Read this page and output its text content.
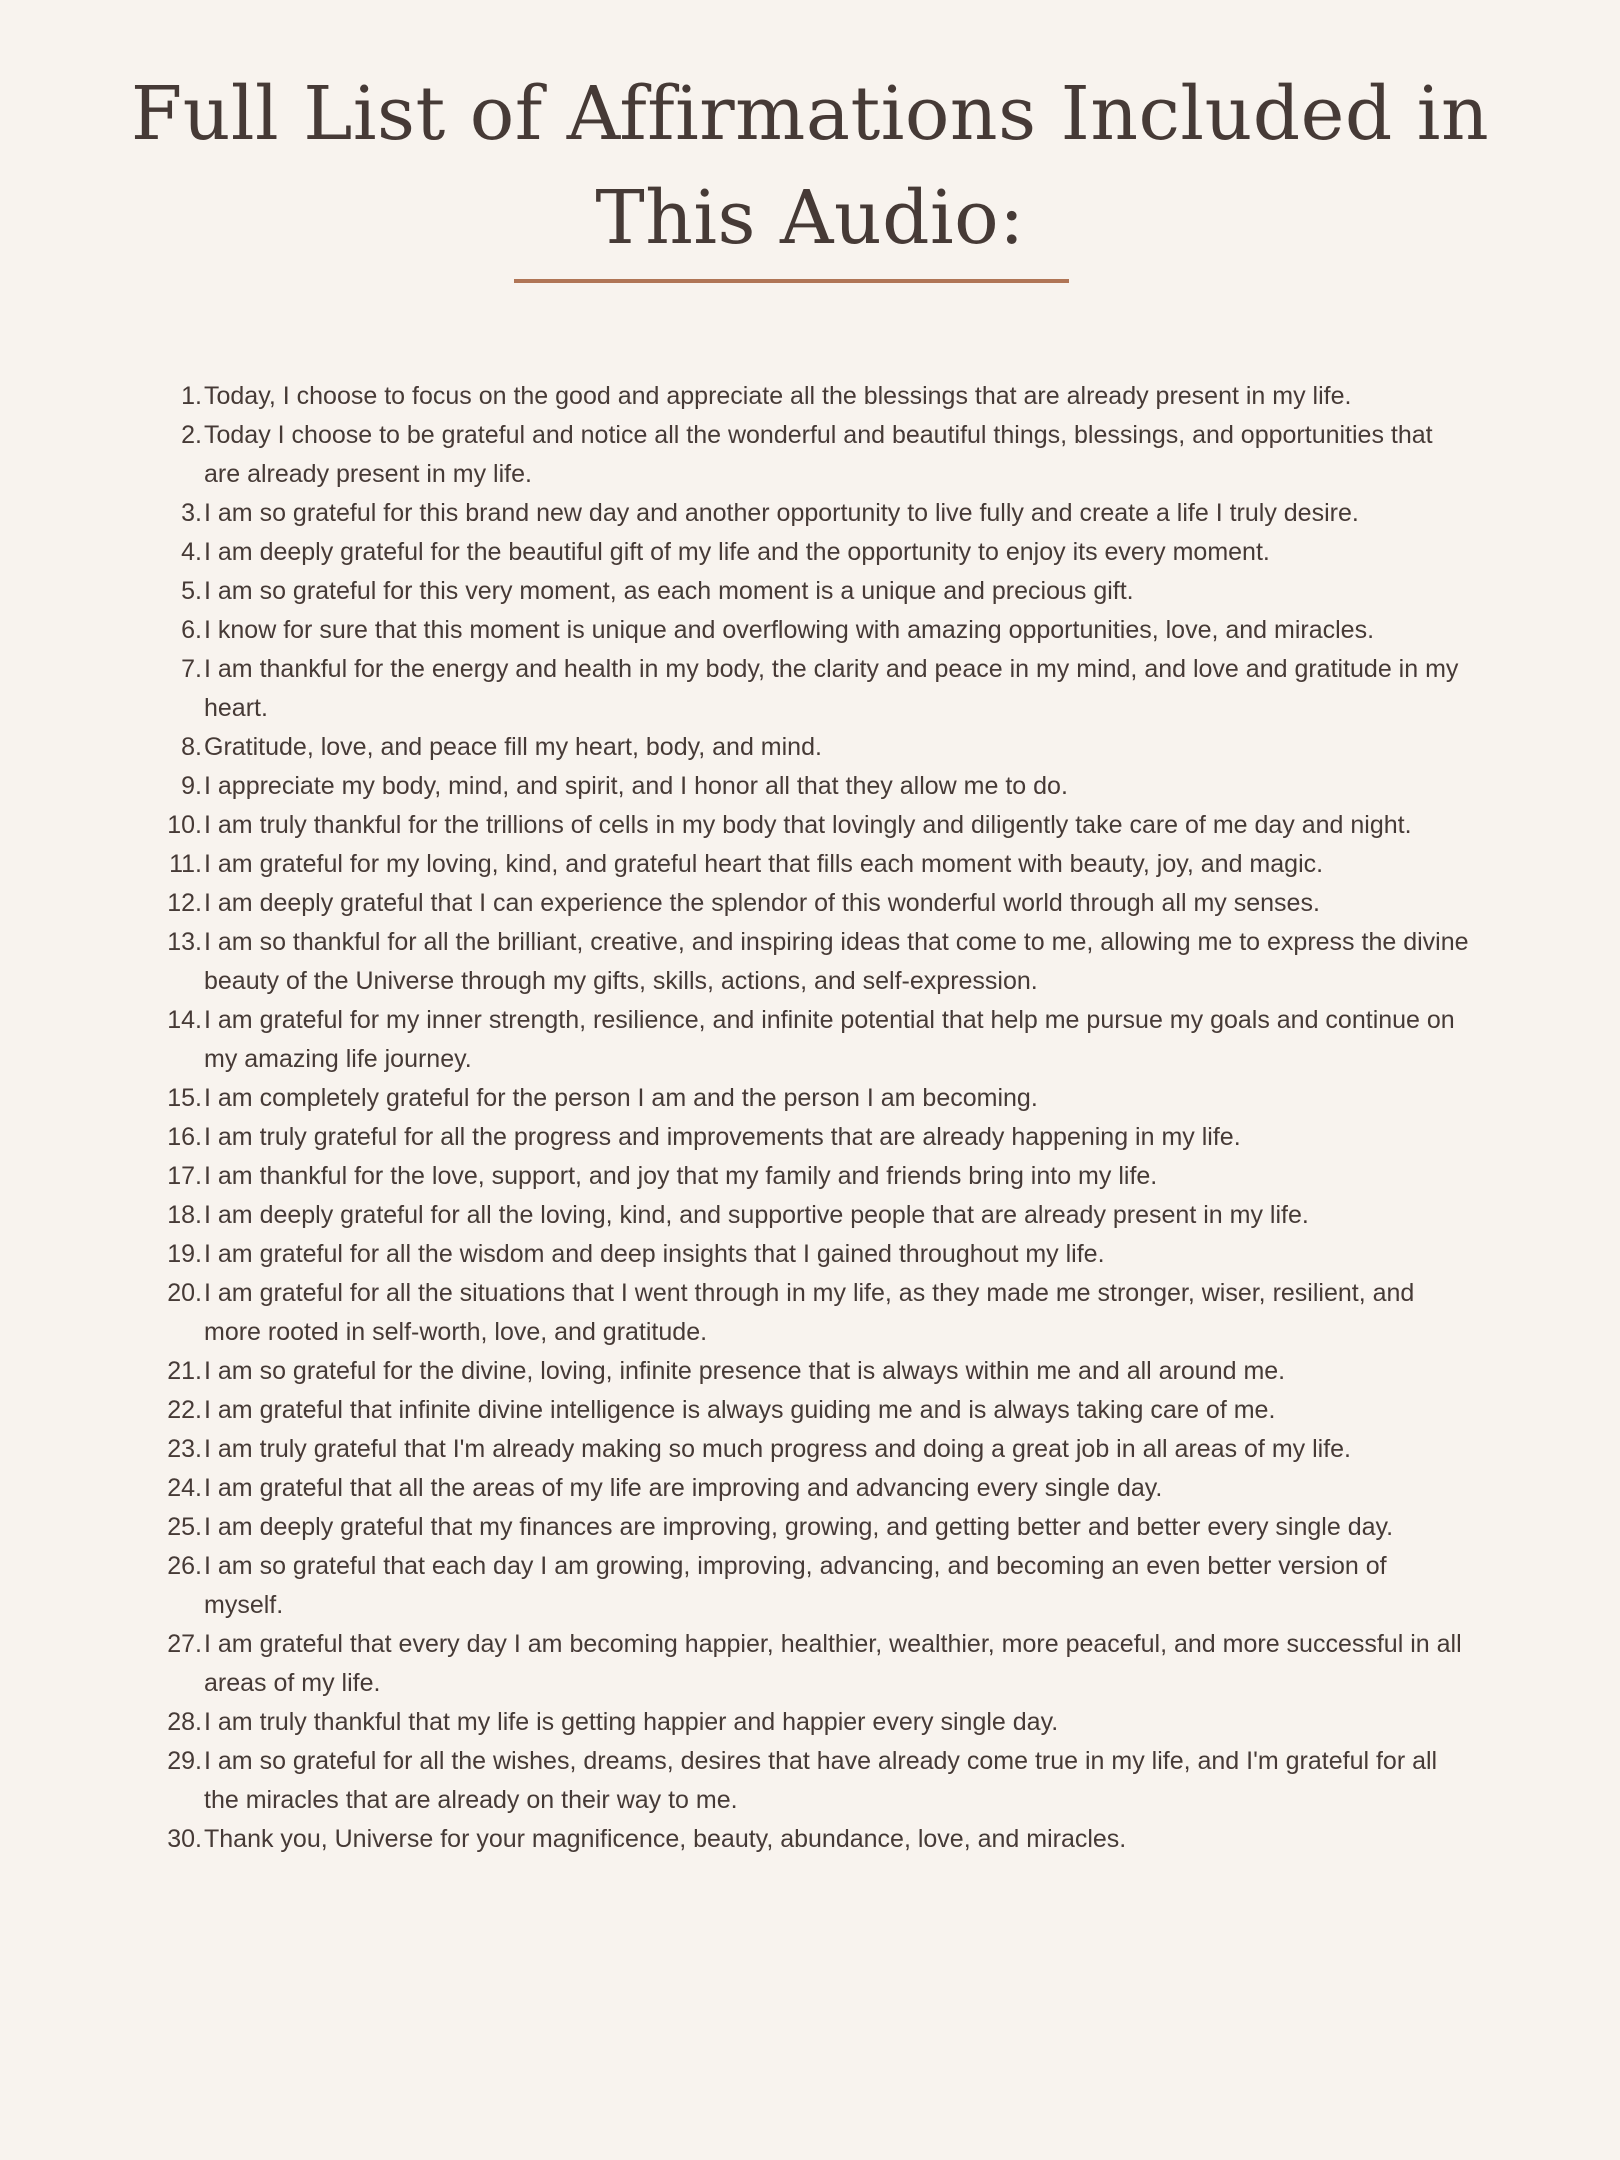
Full List of Affirmations Included in
This Audio:
1. Today, I choose to focus on the good and appreciate all the blessings that are already present in my life.
2. Today I choose to be grateful and notice all the wonderful and beautiful things, blessings, and opportunities that are already present in my life.
3. I am so grateful for this brand new day and another opportunity to live fully and create a life I truly desire.
4. I am deeply grateful for the beautiful gift of my life and the opportunity to enjoy its every moment.
5. I am so grateful for this very moment, as each moment is a unique and precious gift.
6. I know for sure that this moment is unique and overflowing with amazing opportunities, love, and miracles.
7. I am thankful for the energy and health in my body, the clarity and peace in my mind, and love and gratitude in my heart.
8. Gratitude, love, and peace fill my heart, body, and mind.
9. I appreciate my body, mind, and spirit, and I honor all that they allow me to do.
10. I am truly thankful for the trillions of cells in my body that lovingly and diligently take care of me day and night.
11. I am grateful for my loving, kind, and grateful heart that fills each moment with beauty, joy, and magic.
12. I am deeply grateful that I can experience the splendor of this wonderful world through all my senses.
13. I am so thankful for all the brilliant, creative, and inspiring ideas that come to me, allowing me to express the divine beauty of the Universe through my gifts, skills, actions, and self-expression.
14. I am grateful for my inner strength, resilience, and infinite potential that help me pursue my goals and continue on my amazing life journey.
15. I am completely grateful for the person I am and the person I am becoming.
16. I am truly grateful for all the progress and improvements that are already happening in my life.
17. I am thankful for the love, support, and joy that my family and friends bring into my life.
18. I am deeply grateful for all the loving, kind, and supportive people that are already present in my life.
19. I am grateful for all the wisdom and deep insights that I gained throughout my life.
20. I am grateful for all the situations that I went through in my life, as they made me stronger, wiser, resilient, and more rooted in self-worth, love, and gratitude.
21. I am so grateful for the divine, loving, infinite presence that is always within me and all around me.
22. I am grateful that infinite divine intelligence is always guiding me and is always taking care of me.
23. I am truly grateful that I'm already making so much progress and doing a great job in all areas of my life.
24. I am grateful that all the areas of my life are improving and advancing every single day.
25. I am deeply grateful that my finances are improving, growing, and getting better and better every single day.
26. I am so grateful that each day I am growing, improving, advancing, and becoming an even better version of myself.
27. I am grateful that every day I am becoming happier, healthier, wealthier, more peaceful, and more successful in all areas of my life.
28. I am truly thankful that my life is getting happier and happier every single day.
29. I am so grateful for all the wishes, dreams, desires that have already come true in my life, and I'm grateful for all the miracles that are already on their way to me.
30. Thank you, Universe for your magnificence, beauty, abundance, love, and miracles.
